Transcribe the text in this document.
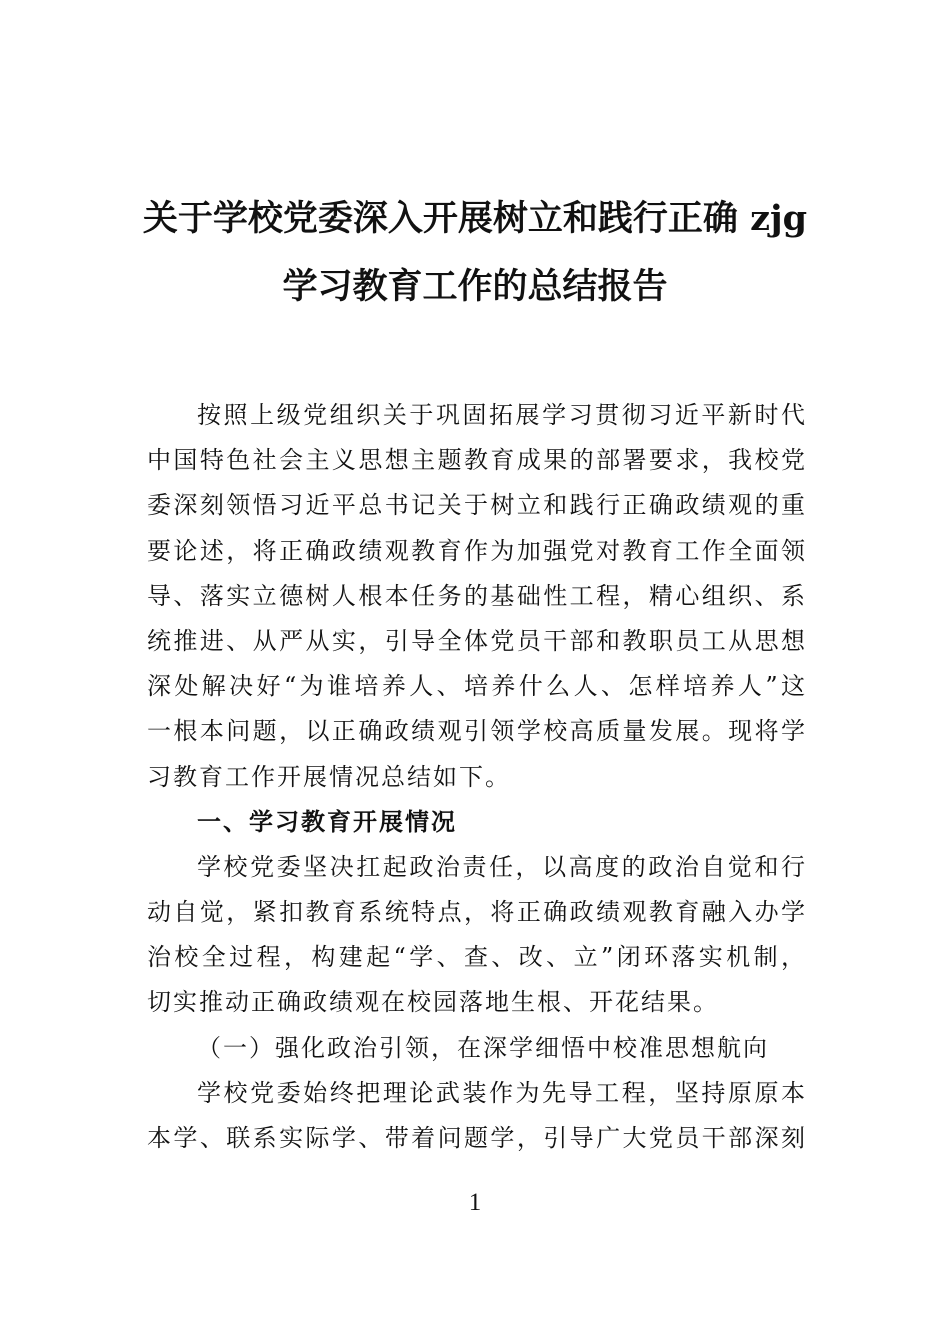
关于学校党委深入开展树立和践行正确 zjg
学习教育工作的总结报告
按照上级党组织关于巩固拓展学习贯彻习近平新时代
中国特色社会主义思想主题教育成果的部署要求，我校党
委深刻领悟习近平总书记关于树立和践行正确政绩观的重
要论述，将正确政绩观教育作为加强党对教育工作全面领
导、落实立德树人根本任务的基础性工程，精心组织、系
统推进、从严从实，引导全体党员干部和教职员工从思想
深处解决好“为谁培养人、培养什么人、怎样培养人”这
一根本问题，以正确政绩观引领学校高质量发展。现将学
习教育工作开展情况总结如下。
一、学习教育开展情况
学校党委坚决扛起政治责任，以高度的政治自觉和行
动自觉，紧扣教育系统特点，将正确政绩观教育融入办学
治校全过程，构建起“学、查、改、立”闭环落实机制，
切实推动正确政绩观在校园落地生根、开花结果。
（一）强化政治引领，在深学细悟中校准思想航向
学校党委始终把理论武装作为先导工程，坚持原原本
本学、联系实际学、带着问题学，引导广大党员干部深刻
1
